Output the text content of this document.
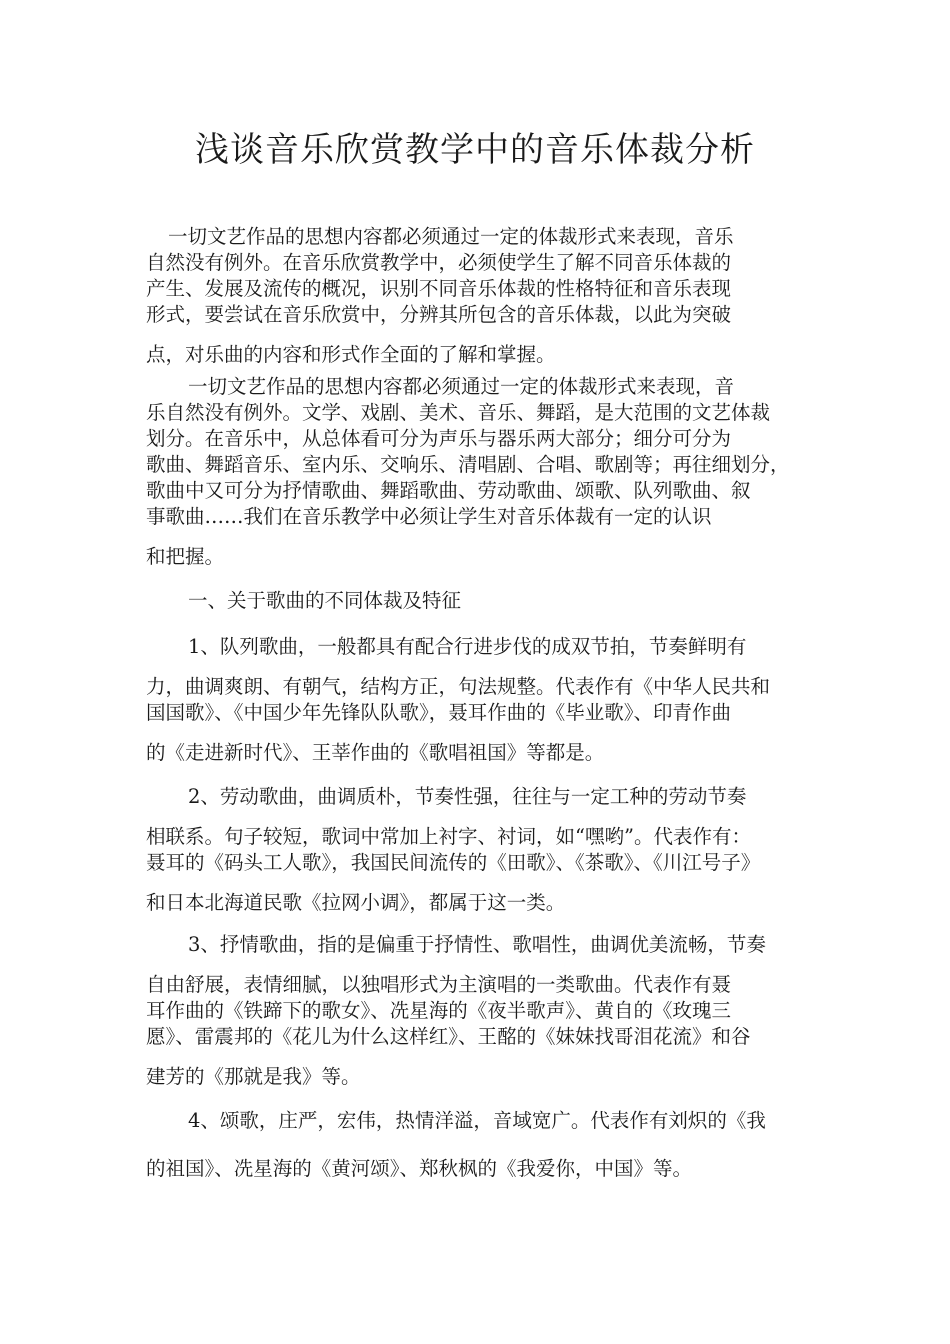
浅谈音乐欣赏教学中的音乐体裁分析
一切文艺作品的思想内容都必须通过一定的体裁形式来表现，音乐
自然没有例外。在音乐欣赏教学中，必须使学生了解不同音乐体裁的
产生、发展及流传的概况，识别不同音乐体裁的性格特征和音乐表现
形式，要尝试在音乐欣赏中，分辨其所包含的音乐体裁，以此为突破
点，对乐曲的内容和形式作全面的了解和掌握。
一切文艺作品的思想内容都必须通过一定的体裁形式来表现，音
乐自然没有例外。文学、戏剧、美术、音乐、舞蹈，是大范围的文艺体裁
划分。在音乐中，从总体看可分为声乐与器乐两大部分；细分可分为
歌曲、舞蹈音乐、室内乐、交响乐、清唱剧、合唱、歌剧等；再往细划分，
歌曲中又可分为抒情歌曲、舞蹈歌曲、劳动歌曲、颂歌、队列歌曲、叙
事歌曲……我们在音乐教学中必须让学生对音乐体裁有一定的认识
和把握。
一、关于歌曲的不同体裁及特征
1、队列歌曲，一般都具有配合行进步伐的成双节拍，节奏鲜明有
力，曲调爽朗、有朝气，结构方正，句法规整。代表作有《中华人民共和
国国歌》、《中国少年先锋队队歌》，聂耳作曲的《毕业歌》、印青作曲
的《走进新时代》、王莘作曲的《歌唱祖国》等都是。
2、劳动歌曲，曲调质朴，节奏性强，往往与一定工种的劳动节奏
相联系。句子较短，歌词中常加上衬字、衬词，如“嘿哟”。代表作有：
聂耳的《码头工人歌》，我国民间流传的《田歌》、《茶歌》、《川江号子》
和日本北海道民歌《拉网小调》，都属于这一类。
3、抒情歌曲，指的是偏重于抒情性、歌唱性，曲调优美流畅，节奏
自由舒展，表情细腻，以独唱形式为主演唱的一类歌曲。代表作有聂
耳作曲的《铁蹄下的歌女》、冼星海的《夜半歌声》、黄自的《玫瑰三
愿》、雷震邦的《花儿为什么这样红》、王酩的《妹妹找哥泪花流》和谷
建芳的《那就是我》等。
4、颂歌，庄严，宏伟，热情洋溢，音域宽广。代表作有刘炽的《我
的祖国》、冼星海的《黄河颂》、郑秋枫的《我爱你，中国》等。
